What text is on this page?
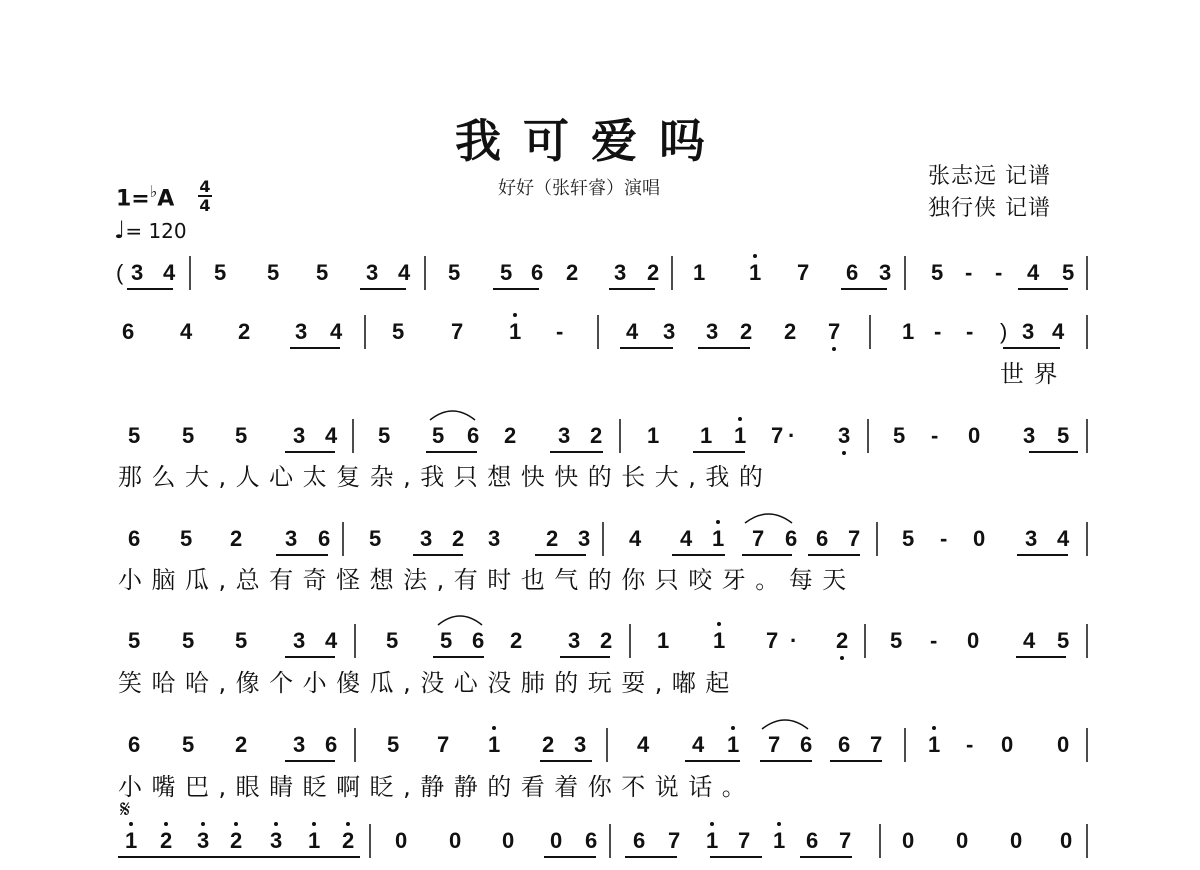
我可爱吗
好好（张轩睿）演唱	张志远 记谱
独行侠 记谱
1=♭A 4
4
♩= 120
𝄋
世界
那么大,人心太复杂,我只想快快的长大,我的
小脑瓜,总有奇怪想法,有时也气的你只咬牙。每天
笑哈哈,像个小傻瓜,没心没肺的玩耍,嘟起
小嘴巴,眼睛眨啊眨,静静的看着你不说话。
( 3 4 5 5 5 3 4 5 5 6 2 3 2 1 1 7 6 3 5 - - 4 5
6 4 2 3 4 5 7 1 -	4 3 3 2 2 7	1 - - ) 3 4
5 5 5 3 4 5 5 6 2 3 2 1 1 1 7 · 3 5 - 0 3 5
6 5 2 3 6 5 3 2 3 2 3 4 4 1 7 6 6 7 5 - 0 3 4
5 5 5 3 4 5 5 6 2 3 2 1 1 7 · 2 5 - 0 4 5
6 5 2 3 6 5 7 1 2 3 4 4 1 7 6 6 7 1 - 0 0
1 2 3 2 3 1 2 0 0 0 0 6 6 7 1 7 1 6 7 0 0 0 0
